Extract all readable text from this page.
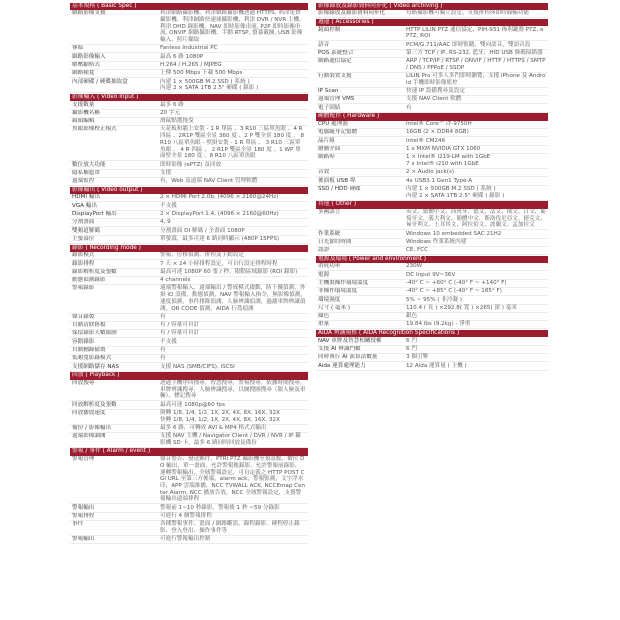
基本規格 ( Basic Spec )
網路影像支援	利津網路攝影機、利津網路攝影機透過 HTTPS, 利津免費攝影機、利津網路快速球攝影機、利津 DVR / NVR 主機、利津 DHD 錄影機、NAV 即時影像串流, P2P 即時影像串流, ONVIF 網路攝影機、手動 RTSP, 螢幕截圖, USB 影像輸入、照片擷取
睿暗	Fanless Industrial PC
網路影像輸入	最高 6 路 1080P
解壓縮格式	H.264 / H.265 / MJPEG
網路頻寬	上傳 500 Mbps 下載 500 Mbps
內部硬碟 / 硬碟抽取盒	內建 1 × 500GB M.2 SSD ( 系統 )
內建 2 × SATA 1TB 2.5" 硬碟 ( 錄影 )
影像輸入 ( Video Input )
支援數量	最多 6 路
攝影機名稱	20 字元
鏡頭編輯	滑鼠點選拖曳
魚眼影像校正模式	天花板和牆上安裝 - 1 R 單區 、3 R10 三區單魚眼 、4 R 四區 、2R1P 雙區全景 360 度 、2 P 雙全景 180 度 、 8 R10 八區單魚眼 - 壁掛安裝 - 1 R 單區 、 3 R10 三區單魚眼 、 4 R 四區 、 2 R1P 雙區全景 180 度 、1 WP 單面壁全景 180 度 、8 R10 八區單魚眼
數位放大功能	即時影像 (ePTZ) 及回放
隱私權遮罩	支援
遠端監控	有，Web 及遠端 NAV Client 管理軟體
影像輸出 ( Video output )
HDMI 輸出	2 × HDMI Port 2.0b, (4096 × 2160@24Hz)
VGA 輸出	不支援
DisplayPort 輸出	2 × DisplayPort 1.4, (4096 × 2160@60Hz)
分割畫面	4, 9
雙頻道解碼	分割畫面 DI 解碼 / 全畫面 1080P
主螢幕位	單螢幕，最多可達 6 路同時顯示 (480P 15FPS)
錄影 ( Recording mode )
錄影模式	警報、位移偵測、排程及手動設定
錄影排程	7 天 × 24 小時排程設定，可自行設定排程時程
錄影解析度及張數	最高可達 1080P 60 張 / 秒，限動區域錄影 (ROI 錄影)
動態偵測錄影	4 channels
警報錄影	遠端警報輸入，遠端輸出 / 警戒模式啟動，防干擾偵測，外掛 IO 設備，動態偵測，NAV 警報輸入指令，無影像偵測，速度偵測，事件排隊偵測，人臉辨識偵測，過濾車牌辨識偵測，QR CODE 偵測，AIDA 行爲偵測
聲音錄製	有
自動清除舊檔	有 / 容量可自訂
保留錄影天數限制	有 / 容量可自訂
容錯錄影	不支援
自動刪錄備製	有
低頻寬影錄模式	有
支援網路儲存 NAS	支援 NAS (SMB/CIFS), iSCSI
回放 ( Playback )
回放搜尋	透過主機序回搜尋，智慧搜尋，警報搜尋，依據時間搜尋，車牌辨識搜尋，人臉辨識搜尋，以圖搜圖搜尋（限人臉及車輛），標記搜尋
回放解析度及張數	最高可達 1080p@60 fps
回放播放速度	倒轉 1/8, 1/4, 1/2, 1X, 2X, 4X, 8X, 16X, 32X
快轉 1/8, 1/4, 1/2, 1X, 2X, 4X, 8X, 16X, 32X
備份 / 影像輸出	最多 6 路，可轉成 AVI & MP4 格式式輸出
遠端影像調閱	支援 NAV 主機 / Navigator Client / DVR / NVR / IP 攝影機 SD 卡，最多 6 路同時回放及備份
警報 / 事件 ( Alarm / event )
警報管理	聲音警告、發送郵件、PTRI PTZ 攝影機至預設點，數位 DO 輸出，單一畫面，允許警報後錄影，允許警報前錄影，連轉警報輸出，全域警報設定，可自定義之 HTTP POST CGI URL 至第三方後端，alarm ack，警報監測，文字浮水印，APP 雲端推播，NCC TVWALL ACK, NCCEmap Center Alarm, NCC 播放告效，NCC 全域警報設定，支援警報輸出遠端排程
警報輸出	警報前 1~10 秒錄影，警報後 1 秒 ~59 分錄影
警報排程	可進行 4 個警報排程
事件	各種警報事件、畫面 / 網路斷訊、錄程錄影、硬程停止錄影、登入登出、操作事件等
警報輸出	可進行警報輸出控制
影像錄放及錄影資料同步化 ( Video archiving )
影像錄放及錄影資料同步化	每路攝影機可獨立設定、支援排程與即時錄輸功能
週邊 ( Accessories )
鏡頭控制	HTTP LILIN PTZ 通信協定、PIH-931 佈利鍵盤 PTZ, ePTZ, ROI
語音	PCM/G.711/AAC 即時監聽，雙向語音，雙語音設
POS 系統整合	第三方 TCP / IP, RS-232, 藍牙，HID USB 條碼掃描器
網路通信協定	ARP / TCP/IP / RTSP / ONVIF / HTTP / HTTPS / SMTP / DNS / PPPoE / SSDP
行動裝置支援	LILIN Pro 可多人多門即時瀏覽，支援 iPhone 及 Android 手機即時影像監控
IP Scan	快速 IP 設備搜尋及設定
遠端管理 VMS	支援 NAV Client 軟體
電子固結	有
硬體配件 ( Hardware )
CPU 處理器	Intel® Core™ i7-9750H
電腦隨身記憶體	16GB (2 × DDR4 8GB)
晶片組	Intel® CM246
繪圖介面	1 x MXM NVIDIA GTX 1060
網路埠	1 × Intel® i219-LM with 1GbE
7 x Intel® i210 with 1GbE
音效	2 × Audio jack(s)
後面板 USB 埠	4x USB3.1 Gen1 Type-A
SSD / HDD 硬碟	內建 1 × 500GB M.2 SSD ( 系統 )
內建 2 × SATA 1TB 2.5" 硬碟 ( 錄影 )
其他 ( Other )
多國語言	英文、繁體中文、西班牙、德文、法文、俄文、日文、葡萄牙文、義大利文、簡體中文、斯洛伐尼亞文、捷克文、匈牙利文、土耳其文、阿拉伯文、波蘭文、孟加拉文
作業系統	Windows 10 embedded SAC 21H2
日光節約時間	Windows 作業系統內建
認證	CE, FCC
電源及環境 ( Power and environment )
消耗功率	230W
電源	DC Input 9V~36V
主機裝操作環境溫度	-40° C ~ +60° C (-40° F ~ +140° F)
非操作環境溫度	-40° C ~ +85° C (-40° F ~ 185° F)
環境濕度	5% ~ 95% ( 非冷凝 )
尺寸 ( 毫米 )	110.4 ( 長 ) ×292.8( 寬 ) ×265( 深 ) 毫米
顏色	銀色
重量	19.84 lbs (9.2kg) - 淨重
AIDA 辨識規格 ( AIDA Recognition Specifications )
NAV 車牌及智慧相關授權	6 門
支援 AI 辨識門數	6 門
同時執行 AI 演算法數量	3 個引擎
Aida 運算處理能力	12 Aida 運算量 ( 主機 )
